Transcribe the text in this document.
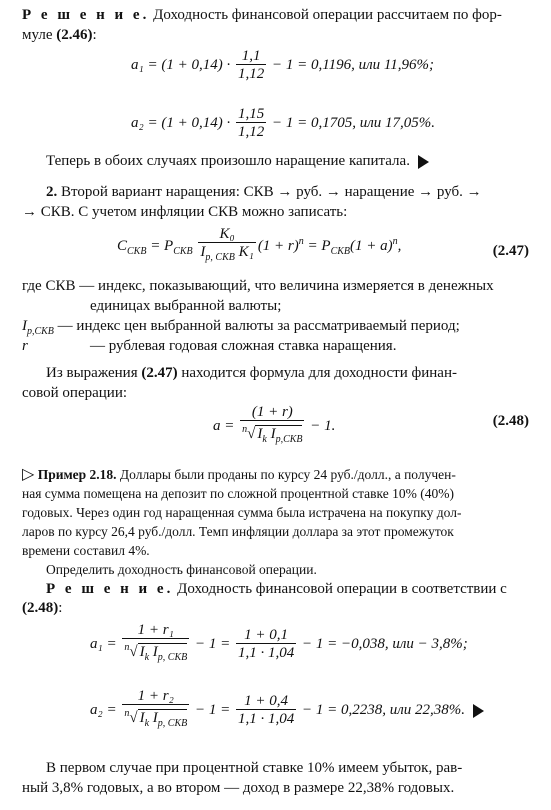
Р е ш е н и е. Доходность финансовой операции рассчитаем по фор-
муле (2.46):
$a_1 = (1 + 0,14) \cdot \frac{1,1}{1,12} - 1 = 0,1196$, или 11,96%;
$a_2 = (1 + 0,14) \cdot \frac{1,15}{1,12} - 1 = 0,1705$, или 17,05%.
Теперь в обоих случаях произошло наращение капитала.
2. Второй вариант наращения: СКВ → руб. → наращение → руб. →
→ СКВ. С учетом инфляции СКВ можно записать:
$C_{СКВ} = P_{СКВ} \frac{\text{K₀}}{I_{p, СКВ} K_1} (1 + r)^n = P_{СКВ}(1 + a)^n$,	(2.47)
где СКВ — индекс, показывающий, что величина измеряется в денежных
единицах выбранной валюты;
$I_{p,СКВ}$ — индекс цен выбранной валюты за рассматриваемый период;
r	— рублевая годовая сложная ставка наращения.
Из выражения (2.47) находится формула для доходности финан-
совой операции:
$a = \frac{(1 + r)}{^n√ I_k I_{p,СКВ}} - 1$.	(2.48)
▷ Пример 2.18. Доллары были проданы по курсу 24 руб./долл., а получен-
ная сумма помещена на депозит по сложной процентной ставке 10% (40%)
годовых. Через один год наращенная сумма была истрачена на покупку дол-
ларов по курсу 26,4 руб./долл. Темп инфляции доллара за этот промежуток
времени составил 4%.
Определить доходность финансовой операции.
Р е ш е н и е. Доходность финансовой операции в соответствии с
(2.48):
$a_1 = \frac{\text{1 + r₁}}{^n√ I_k I_{p, СКВ}} - 1 = \frac{1 + 0,1}{1,1 \cdot 1,04} - 1 = -0,038$, или − 3,8%;
$a_2 = \frac{\text{1 + r₂}}{^n√ I_k I_{p, СКВ}} - 1 = \frac{1 + 0,4}{1,1 \cdot 1,04} - 1 = 0,2238$, или 22,38%.
В первом случае при процентной ставке 10% имеем убыток, рав-
ный 3,8% годовых, а во втором — доход в размере 22,38% годовых.
